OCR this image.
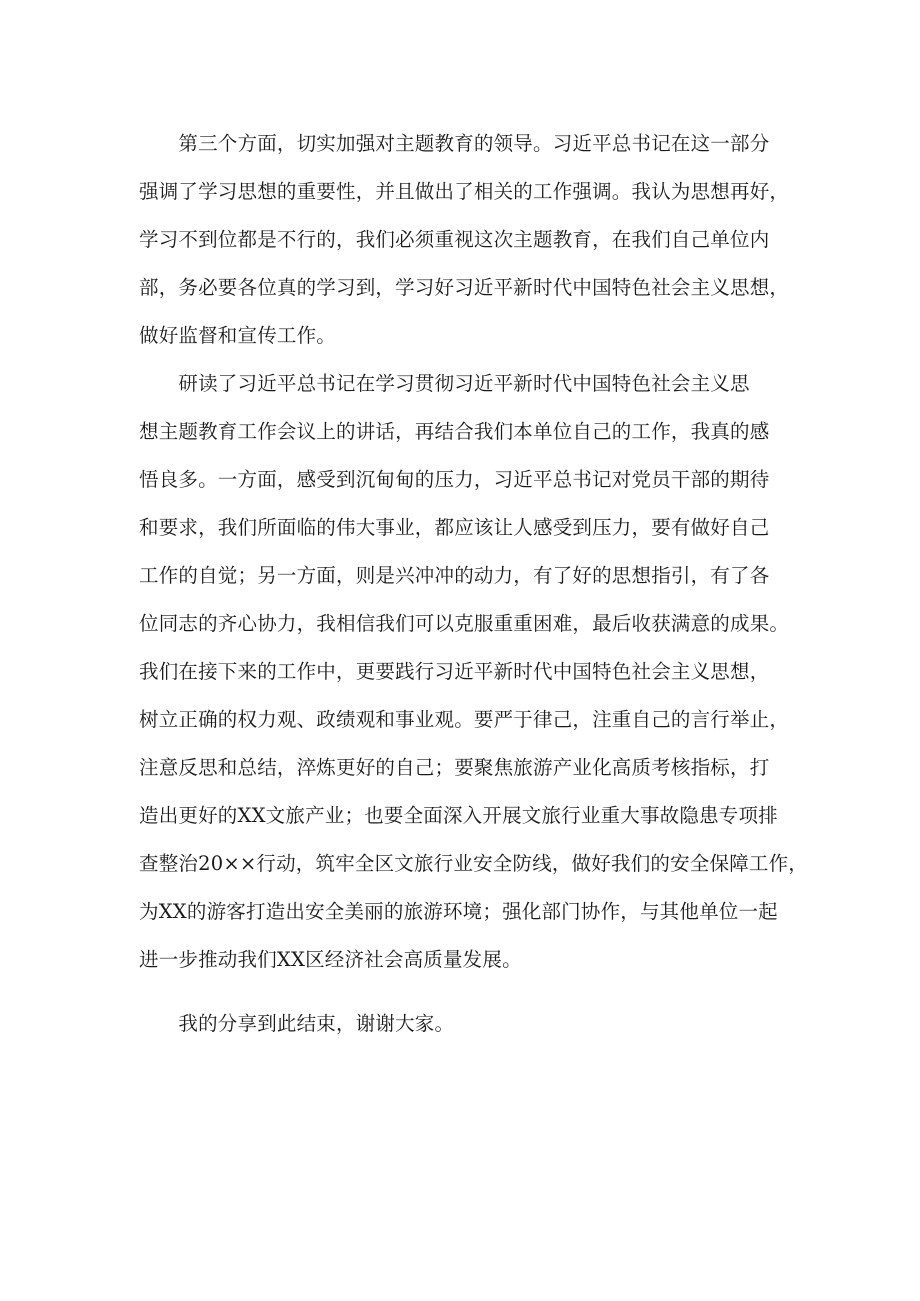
　　第三个方面，切实加强对主题教育的领导。习近平总书记在这一部分
强调了学习思想的重要性，并且做出了相关的工作强调。我认为思想再好，
学习不到位都是不行的，我们必须重视这次主题教育，在我们自己单位内
部，务必要各位真的学习到，学习好习近平新时代中国特色社会主义思想，
做好监督和宣传工作。
　　研读了习近平总书记在学习贯彻习近平新时代中国特色社会主义思
想主题教育工作会议上的讲话，再结合我们本单位自己的工作，我真的感
悟良多。一方面，感受到沉甸甸的压力，习近平总书记对党员干部的期待
和要求，我们所面临的伟大事业，都应该让人感受到压力，要有做好自己
工作的自觉；另一方面，则是兴冲冲的动力，有了好的思想指引，有了各
位同志的齐心协力，我相信我们可以克服重重困难，最后收获满意的成果。
我们在接下来的工作中，更要践行习近平新时代中国特色社会主义思想，
树立正确的权力观、政绩观和事业观。要严于律己，注重自己的言行举止，
注意反思和总结，淬炼更好的自己；要聚焦旅游产业化高质考核指标，打
造出更好的XX文旅产业；也要全面深入开展文旅行业重大事故隐患专项排
查整治20××行动，筑牢全区文旅行业安全防线，做好我们的安全保障工作，
为XX的游客打造出安全美丽的旅游环境；强化部门协作，与其他单位一起
进一步推动我们XX区经济社会高质量发展。
　　我的分享到此结束，谢谢大家。
